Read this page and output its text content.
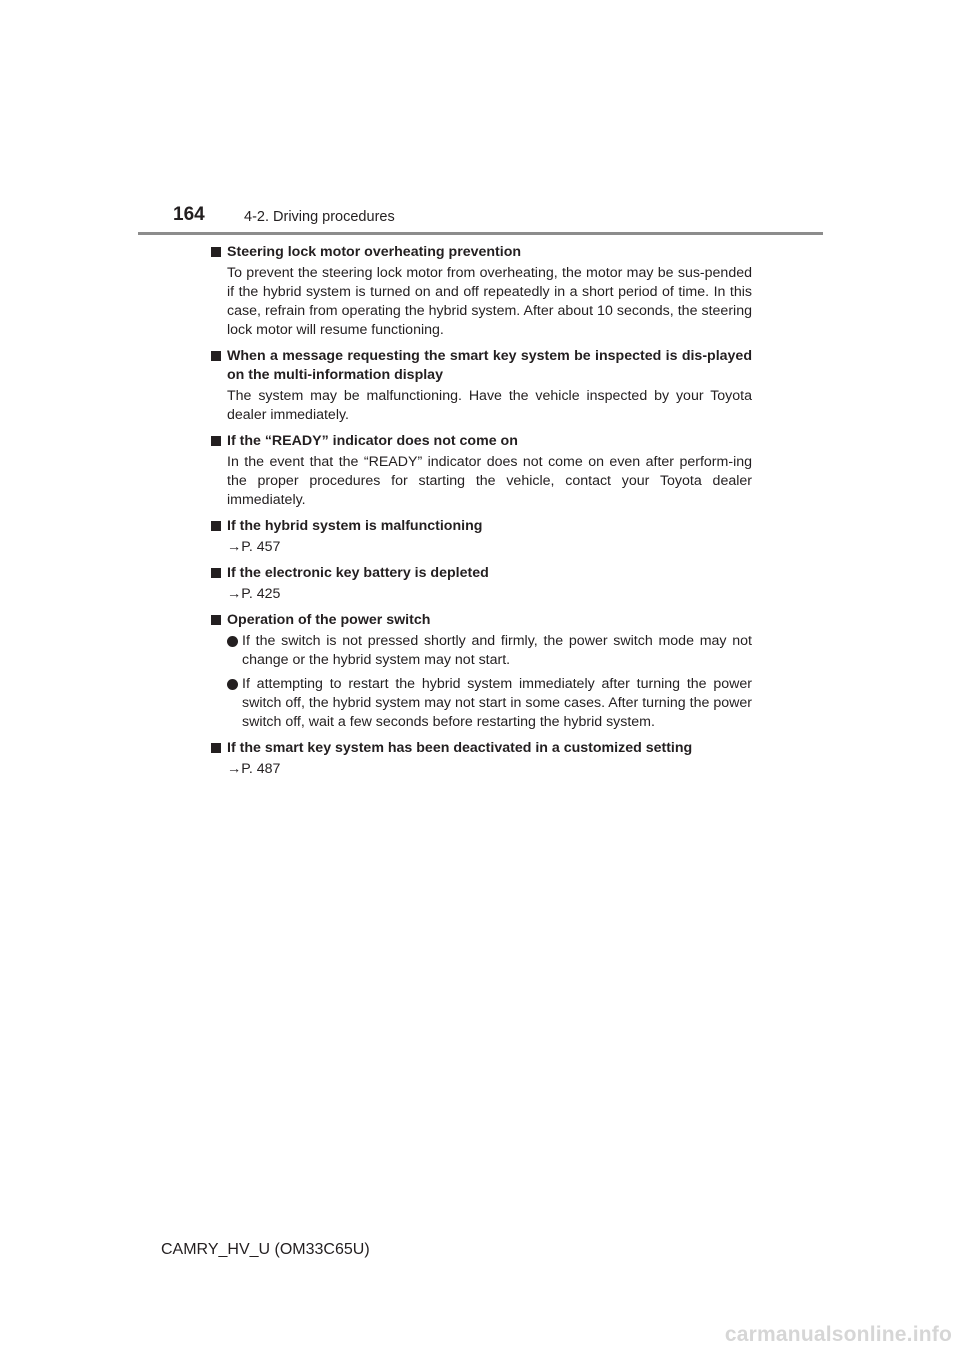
164	4-2. Driving procedures
Steering lock motor overheating prevention
To prevent the steering lock motor from overheating, the motor may be sus-pended if the hybrid system is turned on and off repeatedly in a short period of time. In this case, refrain from operating the hybrid system. After about 10 seconds, the steering lock motor will resume functioning.
When a message requesting the smart key system be inspected is dis-played on the multi-information display
The system may be malfunctioning. Have the vehicle inspected by your Toyota dealer immediately.
If the “READY” indicator does not come on
In the event that the “READY” indicator does not come on even after perform-ing the proper procedures for starting the vehicle, contact your Toyota dealer immediately.
If the hybrid system is malfunctioning
→P. 457
If the electronic key battery is depleted
→P. 425
Operation of the power switch
If the switch is not pressed shortly and firmly, the power switch mode may not change or the hybrid system may not start.
If attempting to restart the hybrid system immediately after turning the power switch off, the hybrid system may not start in some cases. After turning the power switch off, wait a few seconds before restarting the hybrid system.
If the smart key system has been deactivated in a customized setting
→P. 487
CAMRY_HV_U (OM33C65U)
carmanualsonline.info
